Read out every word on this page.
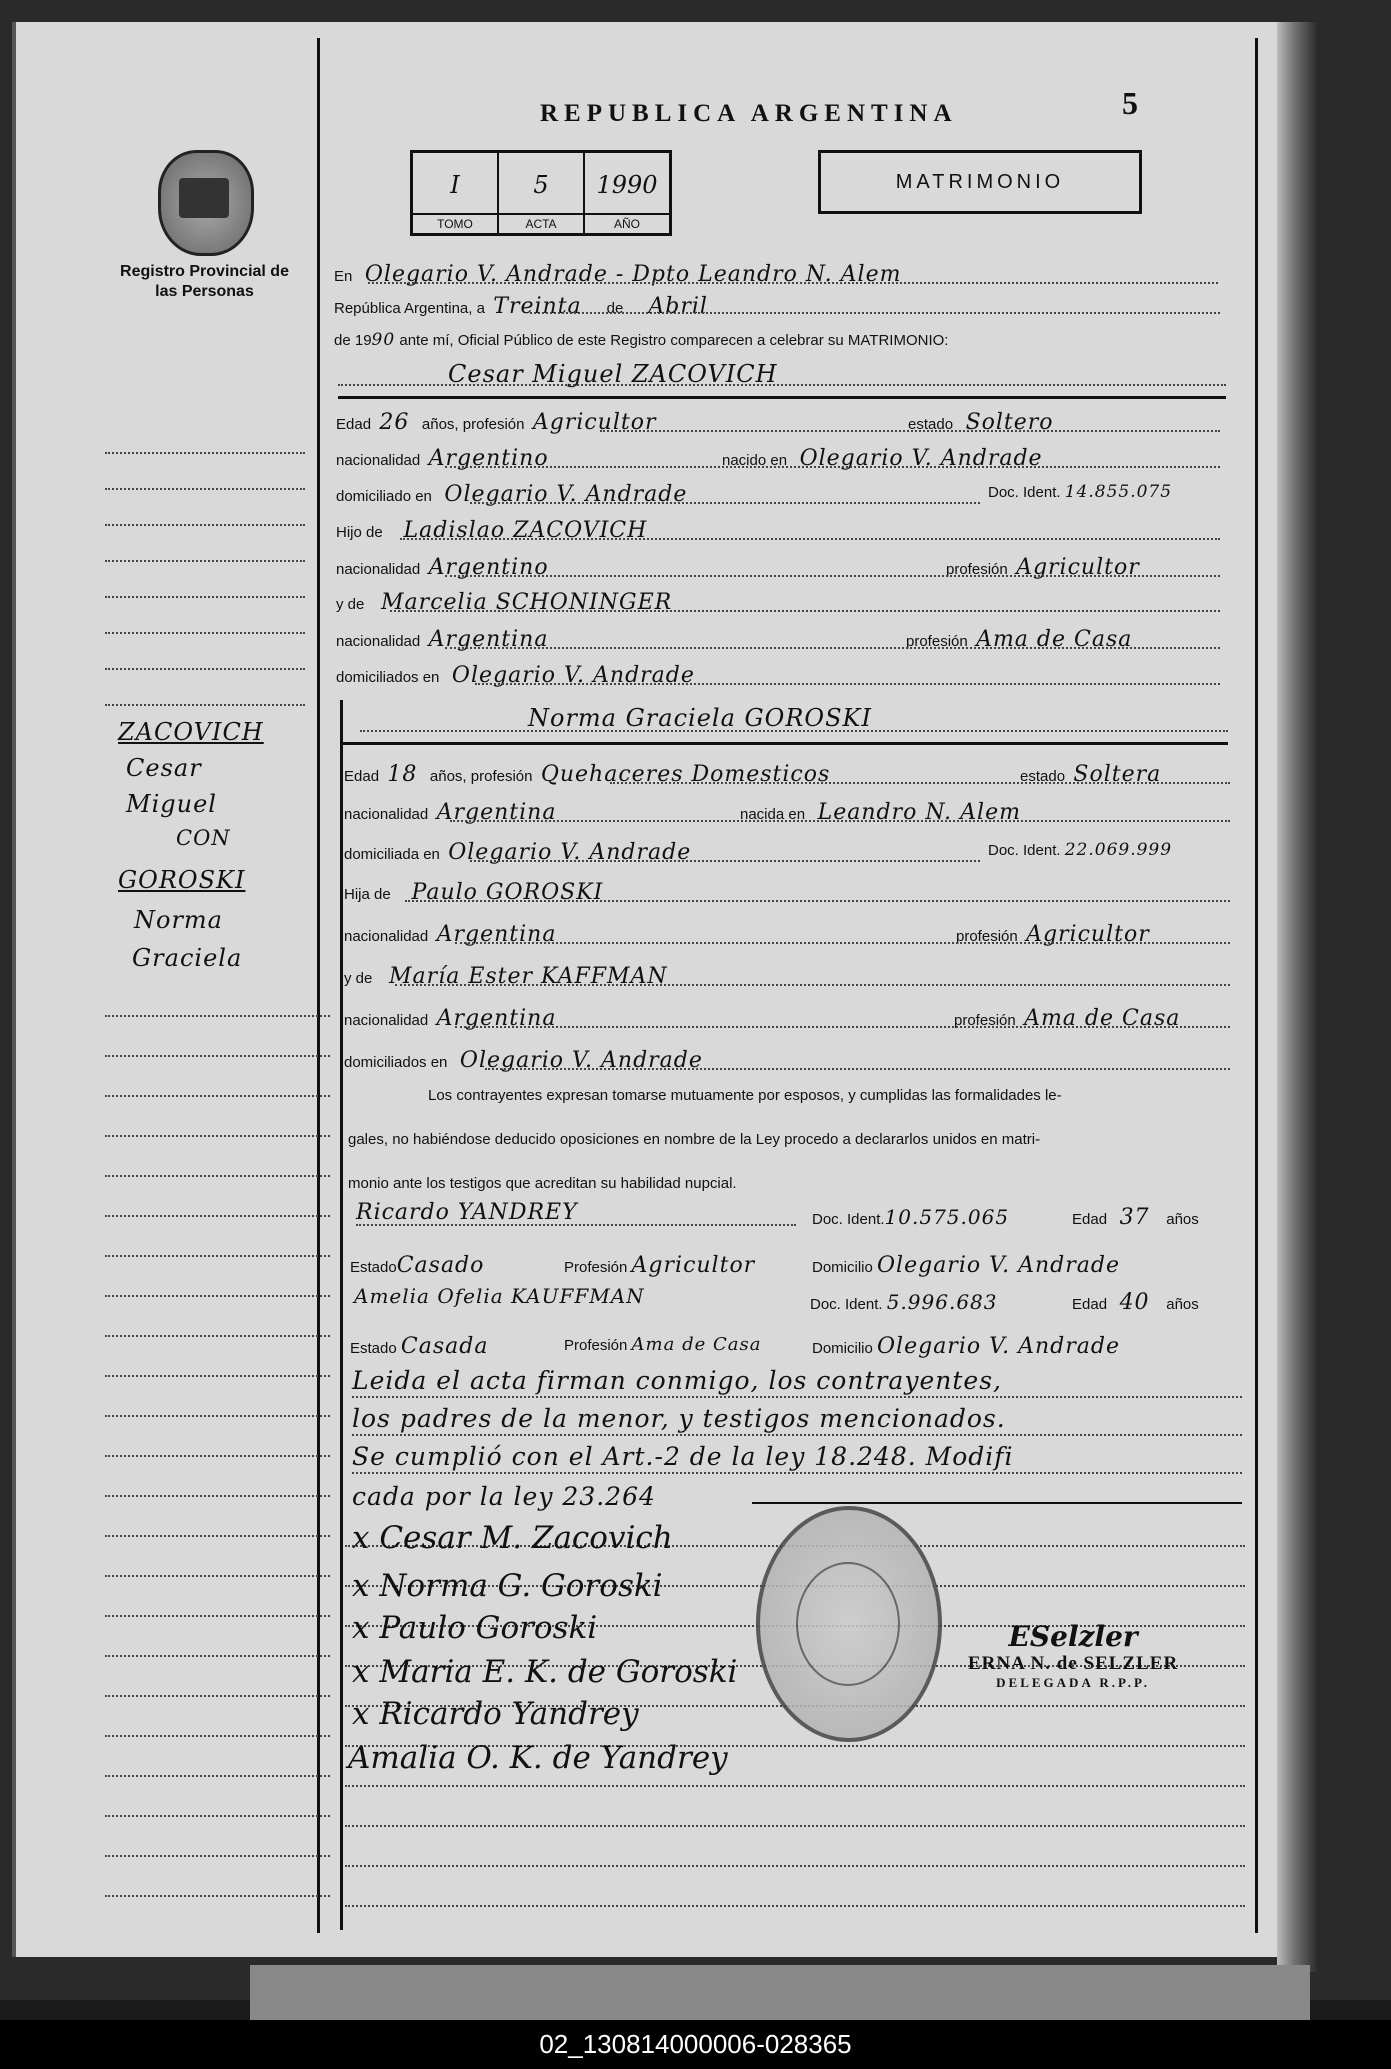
REPUBLICA ARGENTINA	5
Registro Provincial de las Personas
I
TOMO
5
ACTA
1990
AÑO
MATRIMONIO
En Olegario V. Andrade - Dpto Leandro N. Alem
República Argentina, a Treinta de Abril
de 1990 ante mí, Oficial Público de este Registro comparecen a celebrar su MATRIMONIO:
Cesar Miguel ZACOVICH
Edad 26 años, profesión Agricultor	estado Soltero
nacionalidad Argentino	nacido en Olegario V. Andrade
domiciliado en Olegario V. Andrade	Doc. Ident. 14.855.075
Hijo de Ladislao ZACOVICH
nacionalidad Argentino	profesión Agricultor
y de Marcelia SCHONINGER
nacionalidad Argentina	profesión Ama de Casa
domiciliados en Olegario V. Andrade
Norma Graciela GOROSKI
Edad 18 años, profesión Quehaceres Domesticos	estado Soltera
nacionalidad Argentina	nacida en Leandro N. Alem
domiciliada en Olegario V. Andrade	Doc. Ident. 22.069.999
Hija de Paulo GOROSKI
nacionalidad Argentina	profesión Agricultor
y de María Ester KAFFMAN
nacionalidad Argentina	profesión Ama de Casa
domiciliados en Olegario V. Andrade
Los contrayentes expresan tomarse mutuamente por esposos, y cumplidas las formalidades le-
gales, no habiéndose deducido oposiciones en nombre de la Ley procedo a declararlos unidos en matri-
monio ante los testigos que acreditan su habilidad nupcial.
Ricardo YANDREY	Doc. Ident.10.575.065	Edad 37 años
EstadoCasado	Profesión Agricultor	Domicilio Olegario V. Andrade
Amelia Ofelia KAUFFMAN	Doc. Ident. 5.996.683	Edad 40 años
Estado Casada	Profesión Ama de Casa	Domicilio Olegario V. Andrade
Leida el acta firman conmigo, los contrayentes,
los padres de la menor, y testigos mencionados.
Se cumplió con el Art.-2 de la ley 18.248. Modifi
cada por la ley 23.264
x Cesar M. Zacovich
x Norma G. Goroski
x Paulo Goroski
x Maria E. K. de Goroski
x Ricardo Yandrey
Amalia O. K. de Yandrey
ESelzler
ERNA N. de SELZLER
DELEGADA R.P.P.
ZACOVICH
Cesar
Miguel
CON
GOROSKI
Norma
Graciela
02_130814000006-028365
